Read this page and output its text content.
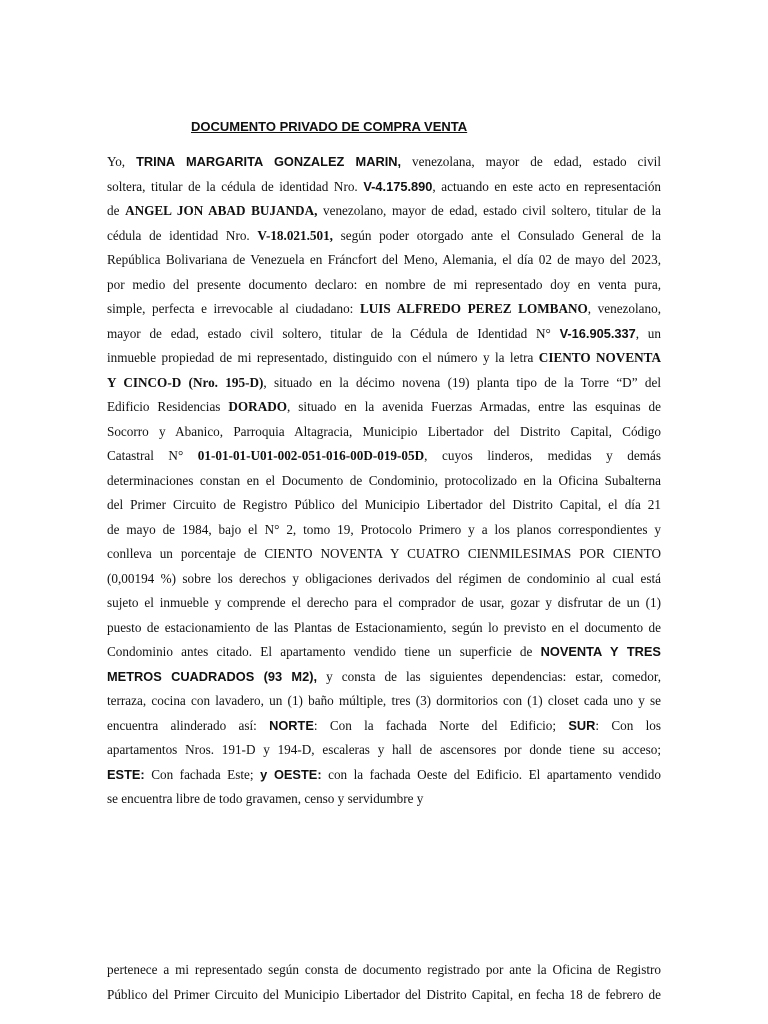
DOCUMENTO PRIVADO DE COMPRA VENTA
Yo, TRINA MARGARITA GONZALEZ MARIN, venezolana, mayor de edad, estado civil
soltera, titular de la cédula de identidad Nro. V-4.175.890, actuando en este acto en representación
de ANGEL JON ABAD BUJANDA, venezolano, mayor de edad, estado civil soltero, titular de la
cédula de identidad Nro. V-18.021.501, según poder otorgado ante el Consulado General de la
República Bolivariana de Venezuela en Fráncfort del Meno, Alemania, el día 02 de mayo del 2023,
por medio del presente documento declaro: en nombre de mi representado doy en venta pura,
simple, perfecta e irrevocable al ciudadano: LUIS ALFREDO PEREZ LOMBANO, venezolano,
mayor de edad, estado civil soltero, titular de la Cédula de Identidad N° V-16.905.337, un
inmueble propiedad de mi representado, distinguido con el número y la letra CIENTO NOVENTA
Y CINCO-D (Nro. 195-D), situado en la décimo novena (19) planta tipo de la Torre “D” del
Edificio Residencias DORADO, situado en la avenida Fuerzas Armadas, entre las esquinas de
Socorro y Abanico, Parroquia Altagracia, Municipio Libertador del Distrito Capital, Código
Catastral N° 01-01-01-U01-002-051-016-00D-019-05D, cuyos linderos, medidas y demás
determinaciones constan en el Documento de Condominio, protocolizado en la Oficina Subalterna
del Primer Circuito de Registro Público del Municipio Libertador del Distrito Capital, el día 21
de mayo de 1984, bajo el N° 2, tomo 19, Protocolo Primero y a los planos correspondientes y
conlleva un porcentaje de CIENTO NOVENTA Y CUATRO CIENMILESIMAS POR CIENTO
(0,00194 %) sobre los derechos y obligaciones derivados del régimen de condominio al cual está
sujeto el inmueble y comprende el derecho para el comprador de usar, gozar y disfrutar de un (1)
puesto de estacionamiento de las Plantas de Estacionamiento, según lo previsto en el documento de
Condominio antes citado. El apartamento vendido tiene un superficie de NOVENTA Y TRES
METROS CUADRADOS (93 M2), y consta de las siguientes dependencias: estar, comedor,
terraza, cocina con lavadero, un (1) baño múltiple, tres (3) dormitorios con (1) closet cada uno y se
encuentra alinderado así: NORTE: Con la fachada Norte del Edificio; SUR: Con los
apartamentos Nros. 191-D y 194-D, escaleras y hall de ascensores por donde tiene su acceso;
ESTE: Con fachada Este; y OESTE: con la fachada Oeste del Edificio. El apartamento vendido
se encuentra libre de todo gravamen, censo y servidumbre y
pertenece a mi representado según consta de documento registrado por ante la Oficina de Registro
Público del Primer Circuito del Municipio Libertador del Distrito Capital, en fecha 18 de febrero de
